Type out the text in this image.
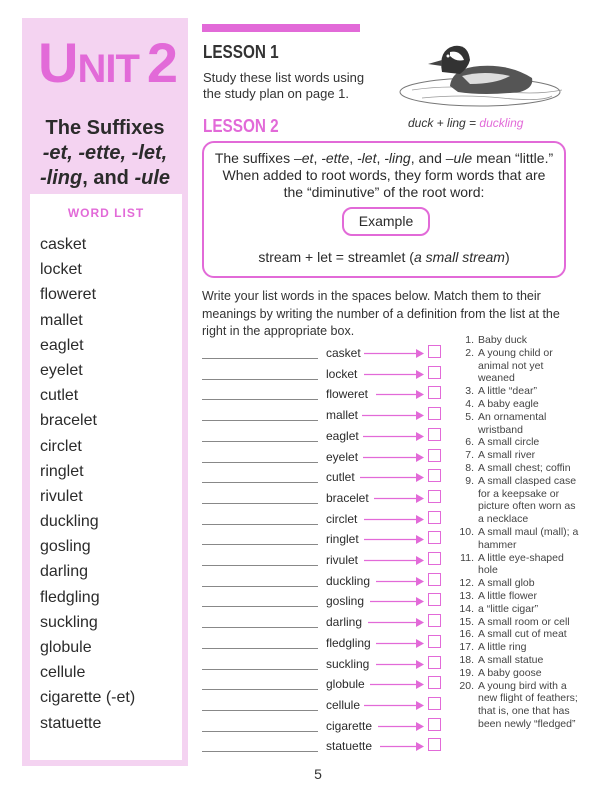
UNIT 2
The Suffixes
-et, -ette, -let,
-ling, and -ule
WORD LIST
casket
locket
floweret
mallet
eaglet
eyelet
cutlet
bracelet
circlet
ringlet
rivulet
duckling
gosling
darling
fledgling
suckling
globule
cellule
cigarette (-et)
statuette
LESSON 1
Study these list words using the study plan on page 1.
duck + ling = duckling
LESSON 2
The suffixes –et, -ette, -let, -ling, and –ule mean “little.” When added to root words, they form words that are the “diminutive” of the root word:
Example
stream + let = streamlet (a small stream)
Write your list words in the spaces below. Match them to their meanings by writing the number of a definition from the list at the right in the appropriate box.
casket
locket
floweret
mallet
eaglet
eyelet
cutlet
bracelet
circlet
ringlet
rivulet
duckling
gosling
darling
fledgling
suckling
globule
cellule
cigarette
statuette
1. Baby duck
2. A young child or animal not yet weaned
3. A little “dear”
4. A baby eagle
5. An ornamental wristband
6. A small circle
7. A small river
8. A small chest; coffin
9. A small clasped case for a keepsake or picture often worn as a necklace
10. A small maul (mall); a hammer
11. A little eye-shaped hole
12. A small glob
13. A little flower
14. a “little cigar”
15. A small room or cell
16. A small cut of meat
17. A little ring
18. A small statue
19. A baby goose
20. A young bird with a new flight of feathers; that is, one that has been newly “fledged”
5
